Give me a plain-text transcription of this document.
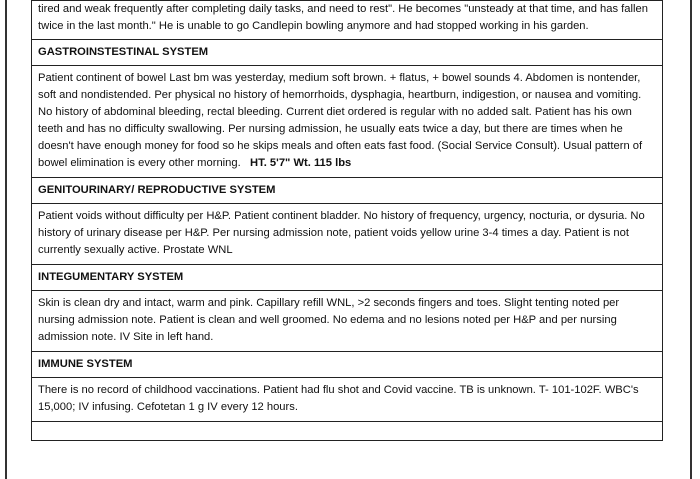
tired and weak frequently after completing daily tasks, and need to rest". He becomes "unsteady at that time, and has fallen twice in the last month." He is unable to go Candlepin bowling anymore and had stopped working in his garden.
GASTROINSTESTINAL SYSTEM
Patient continent of bowel Last bm was yesterday, medium soft brown. + flatus, + bowel sounds 4. Abdomen is nontender, soft and nondistended. Per physical no history of hemorrhoids, dysphagia, heartburn, indigestion, or nausea and vomiting. No history of abdominal bleeding, rectal bleeding. Current diet ordered is regular with no added salt. Patient has his own teeth and has no difficulty swallowing. Per nursing admission, he usually eats twice a day, but there are times when he doesn't have enough money for food so he skips meals and often eats fast food. (Social Service Consult). Usual pattern of bowel elimination is every other morning. HT. 5'7" Wt. 115 lbs
GENITOURINARY/ REPRODUCTIVE SYSTEM
Patient voids without difficulty per H&P. Patient continent bladder. No history of frequency, urgency, nocturia, or dysuria. No history of urinary disease per H&P. Per nursing admission note, patient voids yellow urine 3-4 times a day. Patient is not currently sexually active. Prostate WNL
INTEGUMENTARY SYSTEM
Skin is clean dry and intact, warm and pink. Capillary refill WNL, >2 seconds fingers and toes. Slight tenting noted per nursing admission note. Patient is clean and well groomed. No edema and no lesions noted per H&P and per nursing admission note. IV Site in left hand.
IMMUNE SYSTEM
There is no record of childhood vaccinations. Patient had flu shot and Covid vaccine. TB is unknown. T- 101-102F. WBC's 15,000; IV infusing. Cefotetan 1 g IV every 12 hours.
